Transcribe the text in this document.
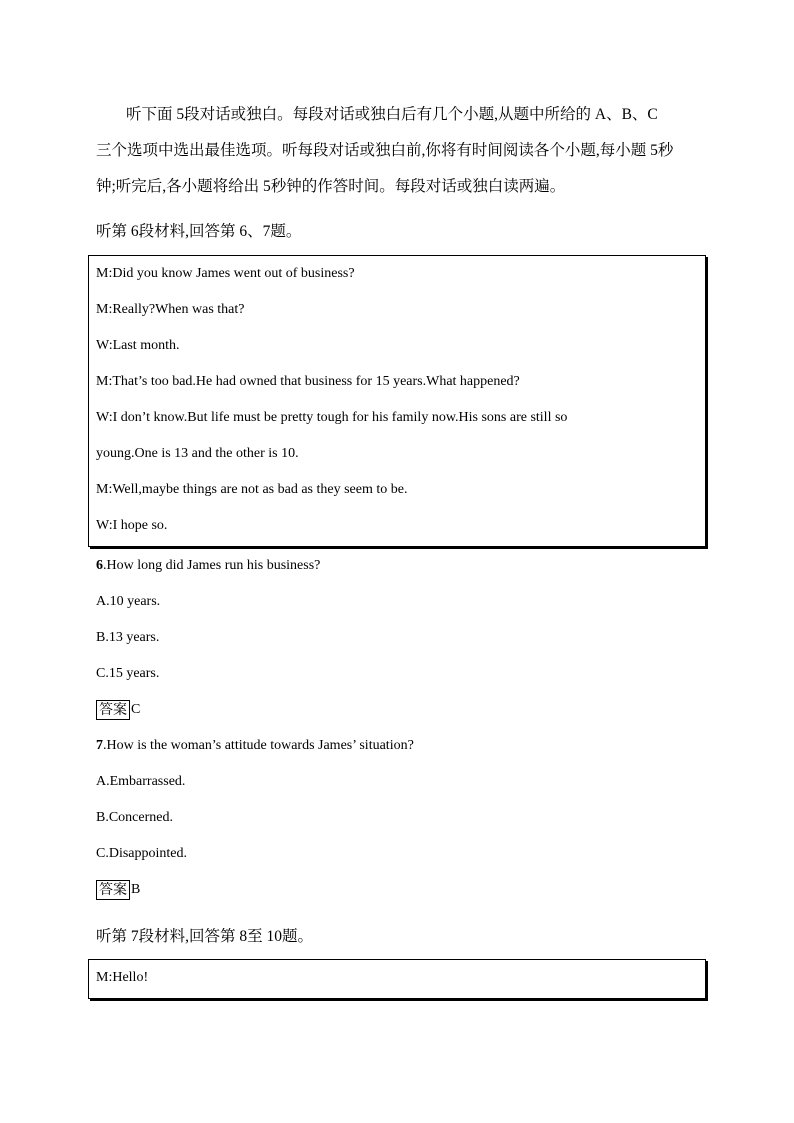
听下面 5段对话或独白。每段对话或独白后有几个小题,从题中所给的 A、B、C

三个选项中选出最佳选项。听每段对话或独白前,你将有时间阅读各个小题,每小题 5秒

钟;听完后,各小题将给出 5秒钟的作答时间。每段对话或独白读两遍。

听第 6段材料,回答第 6、7题。
M:Did you know James went out of business?
M:Really?When was that?
W:Last month.
M:That’s too bad.He had owned that business for 15 years.What happened?
W:I don’t know.But life must be pretty tough for his family now.His sons are still so
young.One is 13 and the other is 10.
M:Well,maybe things are not as bad as they seem to be.
W:I hope so.
6.How long did James run his business?
A.10 years.
B.13 years.
C.15 years.
答案 C
7.How is the woman’s attitude towards James’ situation?
A.Embarrassed.
B.Concerned.
C.Disappointed.
答案 B
听第 7段材料,回答第 8至 10题。
M:Hello!
